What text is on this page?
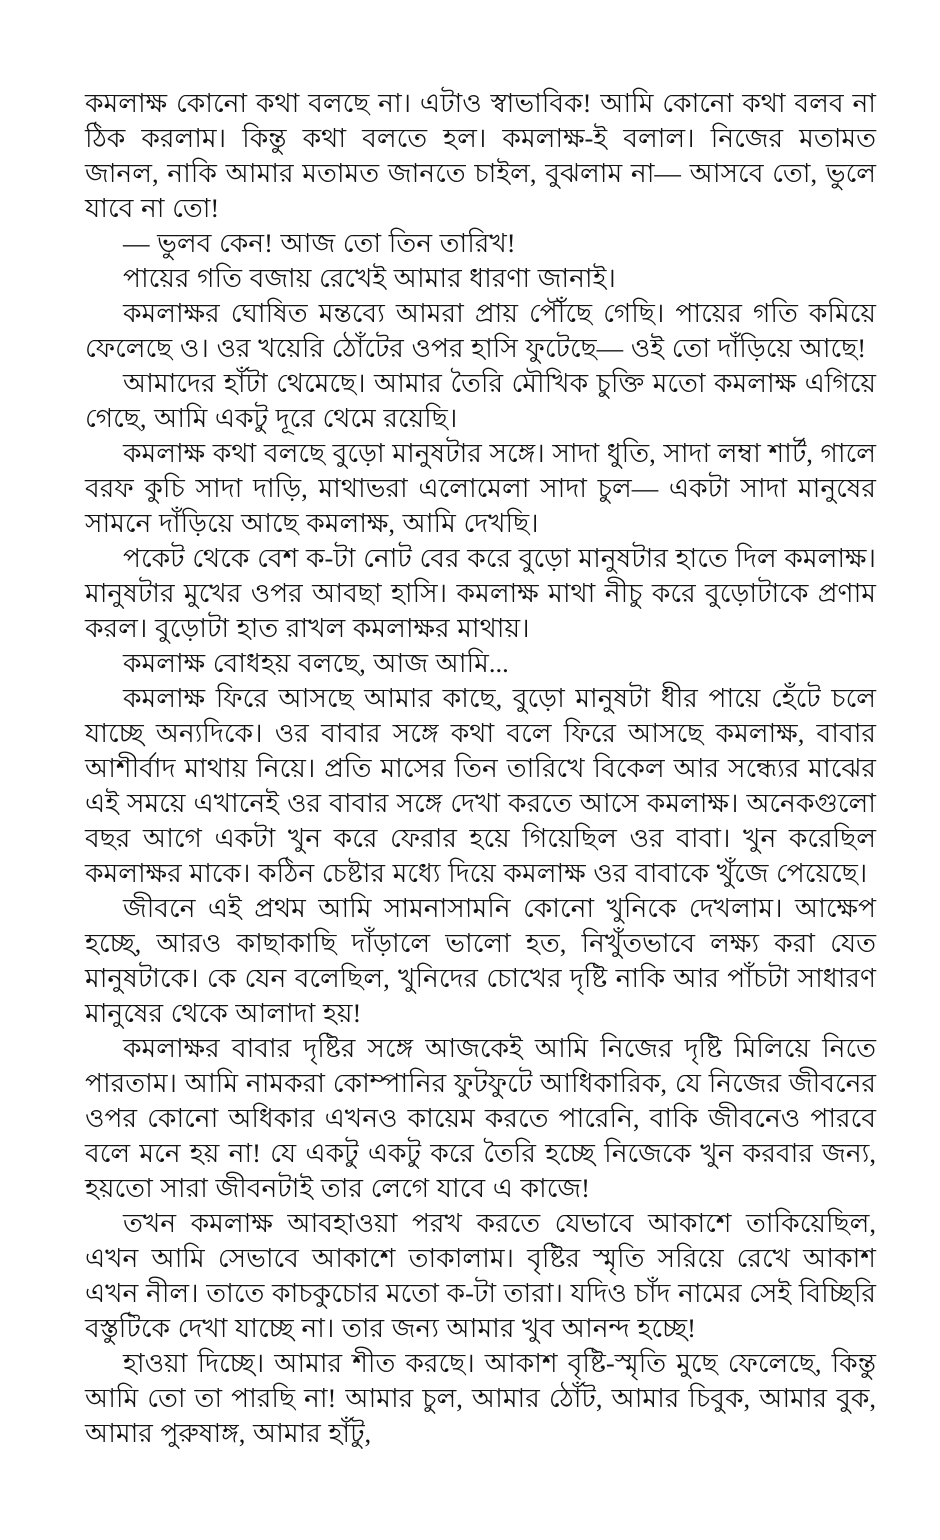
কমলাক্ষ কোনো কথা বলছে না। এটাও স্বাভাবিক! আমি কোনো কথা বলব না ঠিক করলাম। কিন্তু কথা বলতে হল। কমলাক্ষ-ই বলাল। নিজের মতামত জানল, নাকি আমার মতামত জানতে চাইল, বুঝলাম না— আসবে তো, ভুলে যাবে না তো!

— ভুলব কেন! আজ তো তিন তারিখ!

পায়ের গতি বজায় রেখেই আমার ধারণা জানাই।

কমলাক্ষর ঘোষিত মন্তব্যে আমরা প্রায় পৌঁছে গেছি। পায়ের গতি কমিয়ে ফেলেছে ও। ওর খয়েরি ঠোঁটের ওপর হাসি ফুটেছে— ওই তো দাঁড়িয়ে আছে!

আমাদের হাঁটা থেমেছে। আমার তৈরি মৌখিক চুক্তি মতো কমলাক্ষ এগিয়ে গেছে, আমি একটু দূরে থেমে রয়েছি।

কমলাক্ষ কথা বলছে বুড়ো মানুষটার সঙ্গে। সাদা ধুতি, সাদা লম্বা শার্ট, গালে বরফ কুচি সাদা দাড়ি, মাথাভরা এলোমেলা সাদা চুল— একটা সাদা মানুষের সামনে দাঁড়িয়ে আছে কমলাক্ষ, আমি দেখছি।

পকেট থেকে বেশ ক-টা নোট বের করে বুড়ো মানুষটার হাতে দিল কমলাক্ষ। মানুষটার মুখের ওপর আবছা হাসি। কমলাক্ষ মাথা নীচু করে বুড়োটাকে প্রণাম করল। বুড়োটা হাত রাখল কমলাক্ষর মাথায়।

কমলাক্ষ বোধহয় বলছে, আজ আমি...

কমলাক্ষ ফিরে আসছে আমার কাছে, বুড়ো মানুষটা ধীর পায়ে হেঁটে চলে যাচ্ছে অন্যদিকে। ওর বাবার সঙ্গে কথা বলে ফিরে আসছে কমলাক্ষ, বাবার আশীর্বাদ মাথায় নিয়ে। প্রতি মাসের তিন তারিখে বিকেল আর সন্ধ্যের মাঝের এই সময়ে এখানেই ওর বাবার সঙ্গে দেখা করতে আসে কমলাক্ষ। অনেকগুলো বছর আগে একটা খুন করে ফেরার হয়ে গিয়েছিল ওর বাবা। খুন করেছিল কমলাক্ষর মাকে। কঠিন চেষ্টার মধ্যে দিয়ে কমলাক্ষ ওর বাবাকে খুঁজে পেয়েছে।

জীবনে এই প্রথম আমি সামনাসামনি কোনো খুনিকে দেখলাম। আক্ষেপ হচ্ছে, আরও কাছাকাছি দাঁড়ালে ভালো হত, নিখুঁতভাবে লক্ষ্য করা যেত মানুষটাকে। কে যেন বলেছিল, খুনিদের চোখের দৃষ্টি নাকি আর পাঁচটা সাধারণ মানুষের থেকে আলাদা হয়!

কমলাক্ষর বাবার দৃষ্টির সঙ্গে আজকেই আমি নিজের দৃষ্টি মিলিয়ে নিতে পারতাম। আমি নামকরা কোম্পানির ফুটফুটে আধিকারিক, যে নিজের জীবনের ওপর কোনো অধিকার এখনও কায়েম করতে পারেনি, বাকি জীবনেও পারবে বলে মনে হয় না! যে একটু একটু করে তৈরি হচ্ছে নিজেকে খুন করবার জন্য, হয়তো সারা জীবনটাই তার লেগে যাবে এ কাজে!

তখন কমলাক্ষ আবহাওয়া পরখ করতে যেভাবে আকাশে তাকিয়েছিল, এখন আমি সেভাবে আকাশে তাকালাম। বৃষ্টির স্মৃতি সরিয়ে রেখে আকাশ এখন নীল। তাতে কাচকুচোর মতো ক-টা তারা। যদিও চাঁদ নামের সেই বিচ্ছিরি বস্তুটিকে দেখা যাচ্ছে না। তার জন্য আমার খুব আনন্দ হচ্ছে!

হাওয়া দিচ্ছে। আমার শীত করছে। আকাশ বৃষ্টি-স্মৃতি মুছে ফেলেছে, কিন্তু আমি তো তা পারছি না! আমার চুল, আমার ঠোঁট, আমার চিবুক, আমার বুক, আমার পুরুষাঙ্গ, আমার হাঁটু,
